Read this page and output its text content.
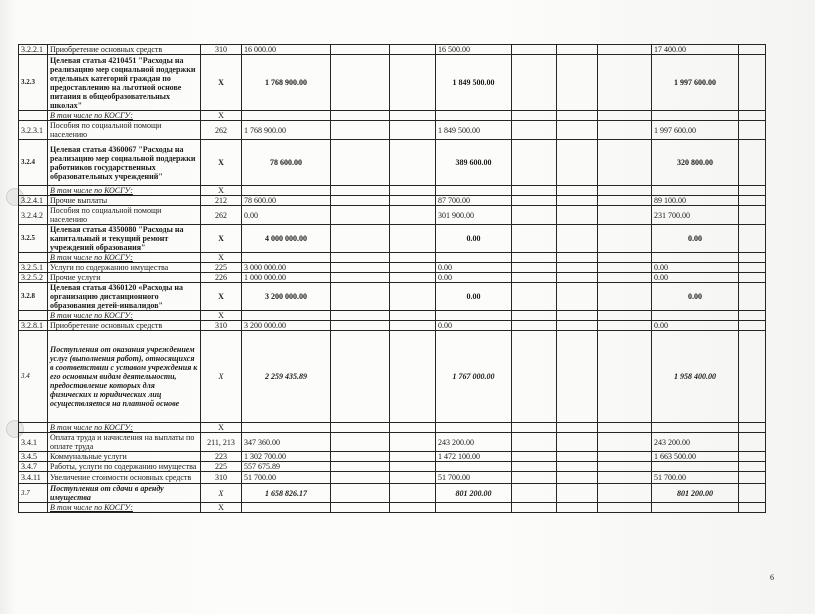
3.2.2.1	Приобретение основных средств	310	16 000.00			16 500.00				17 400.00	
3.2.3	Целевая статья 4210451 "Расходы на реализацию мер социальной поддержки отдельных категорий граждан по предоставлению на льготной основе питания в общеобразовательных школах"	X	1 768 900.00			1 849 500.00				1 997 600.00	
	В том числе по КОСГУ:	X									
3.2.3.1	Пособия по социальной помощи населению	262	1 768 900.00			1 849 500.00				1 997 600.00	
3.2.4	Целевая статья 4360067 "Расходы на реализацию мер социальной поддержки работников государственных образовательных учреждений"	X	78 600.00			389 600.00				320 800.00	
	В том числе по КОСГУ:	X									
3.2.4.1	Прочие выплаты	212	78 600.00			87 700.00				89 100.00	
3.2.4.2	Пособия по социальной помощи населению	262	0.00			301 900.00				231 700.00	
3.2.5	Целевая статья 4350080 "Расходы на капитальный и текущий ремонт учреждений образования"	X	4 000 000.00			0.00				0.00	
	В том числе по КОСГУ:	X									
3.2.5.1	Услуги по содержанию имущества	225	3 000 000.00			0.00				0.00	
3.2.5.2	Прочие услуги	226	1 000 000.00			0.00				0.00	
3.2.8	Целевая статья 4360120 «Расходы на организацию дистанционного образования детей-инвалидов"	X	3 200 000.00			0.00				0.00	
	В том числе по КОСГУ:	X									
3.2.8.1	Приобретение основных средств	310	3 200 000.00			0.00				0.00	
3.4	Поступления от оказания учреждением услуг (выполнения работ), относящихся в соответствии с уставом учреждения к его основным видам деятельности, предоставление которых для физических и юридических лиц осуществляется на платной основе	X	2 259 435.89			1 767 000.00				1 958 400.00	
	В том числе по КОСГУ:	X									
3.4.1	Оплата труда и начисления на выплаты по оплате труда	211, 213	347 360.00			243 200.00				243 200.00	
3.4.5	Коммунальные услуги	223	1 302 700.00			1 472 100.00				1 663 500.00	
3.4.7	Работы, услуги по содержанию имущества	225	557 675.89								
3.4.11	Увеличение стоимости основных средств	310	51 700.00			51 700.00				51 700.00	
3.7	Поступления от сдачи в аренду имущества	X	1 658 826.17			801 200.00				801 200.00	
	В том числе по КОСГУ:	X									
6
